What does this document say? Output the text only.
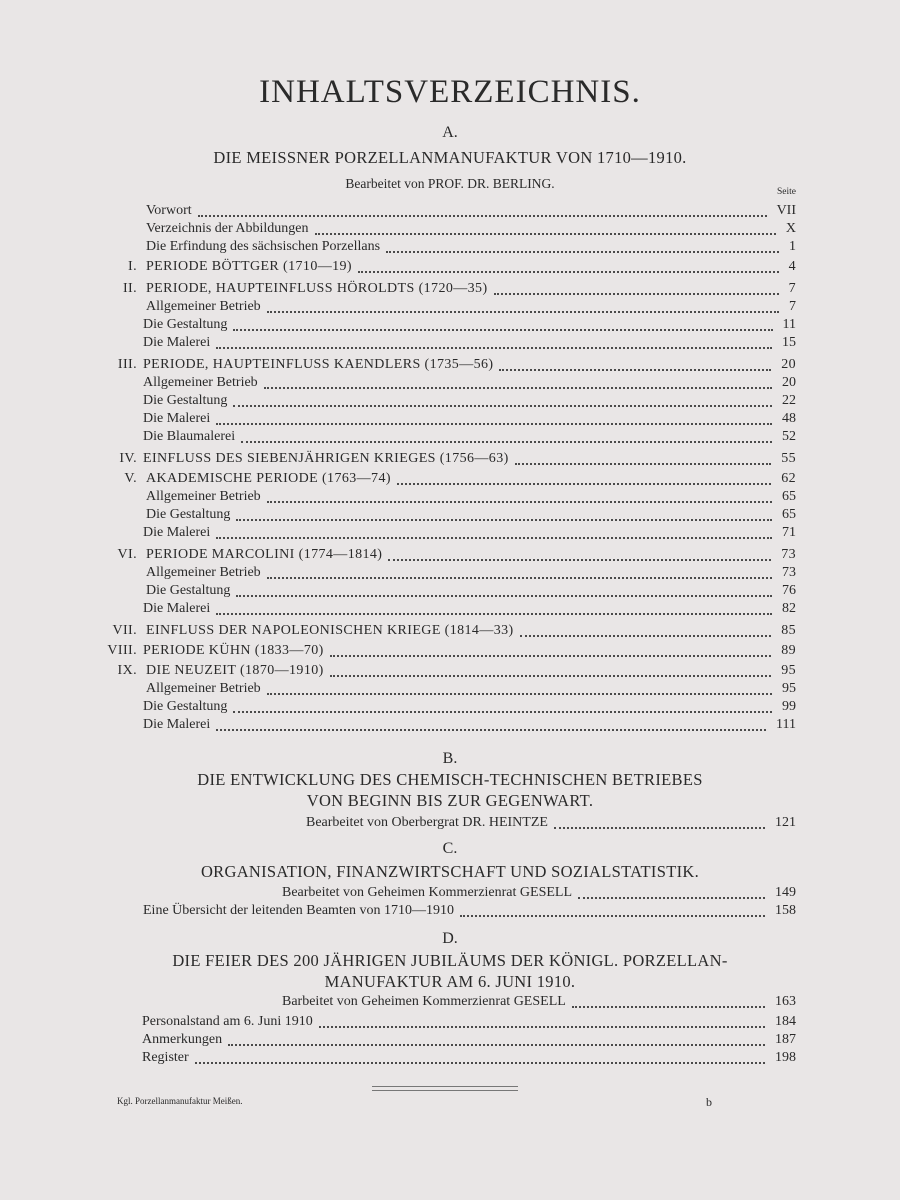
INHALTSVERZEICHNIS.
A.
DIE MEISSNER PORZELLANMANUFAKTUR VON 1710—1910.
Bearbeitet von PROF. DR. BERLING.
Seite
B.
DIE ENTWICKLUNG DES CHEMISCH-TECHNISCHEN BETRIEBES
VON BEGINN BIS ZUR GEGENWART.
C.
ORGANISATION, FINANZWIRTSCHAFT UND SOZIALSTATISTIK.
D.
DIE FEIER DES 200 JÄHRIGEN JUBILÄUMS DER KÖNIGL. PORZELLAN-
MANUFAKTUR AM 6. JUNI 1910.
Vorwort	VII
Verzeichnis der Abbildungen	X
Die Erfindung des sächsischen Porzellans	1
I. PERIODE BÖTTGER (1710—19)	4
II. PERIODE, HAUPTEINFLUSS HÖROLDTS (1720—35)	7
Allgemeiner Betrieb	7
Die Gestaltung	11
Die Malerei	15
III. PERIODE, HAUPTEINFLUSS KAENDLERS (1735—56)	20
Allgemeiner Betrieb	20
Die Gestaltung	22
Die Malerei	48
Die Blaumalerei	52
IV. EINFLUSS DES SIEBENJÄHRIGEN KRIEGES (1756—63)	55
V. AKADEMISCHE PERIODE (1763—74)	62
Allgemeiner Betrieb	65
Die Gestaltung	65
Die Malerei	71
VI. PERIODE MARCOLINI (1774—1814)	73
Allgemeiner Betrieb	73
Die Gestaltung	76
Die Malerei	82
VII. EINFLUSS DER NAPOLEONISCHEN KRIEGE (1814—33)	85
VIII. PERIODE KÜHN (1833—70)	89
IX. DIE NEUZEIT (1870—1910)	95
Allgemeiner Betrieb	95
Die Gestaltung	99
Die Malerei	111
Bearbeitet von Oberbergrat DR. HEINTZE	121
Bearbeitet von Geheimen Kommerzienrat GESELL	149
Eine Übersicht der leitenden Beamten von 1710—1910	158
Barbeitet von Geheimen Kommerzienrat GESELL	163
Personalstand am 6. Juni 1910	184
Anmerkungen	187
Register	198
Kgl. Porzellanmanufaktur Meißen.	b
